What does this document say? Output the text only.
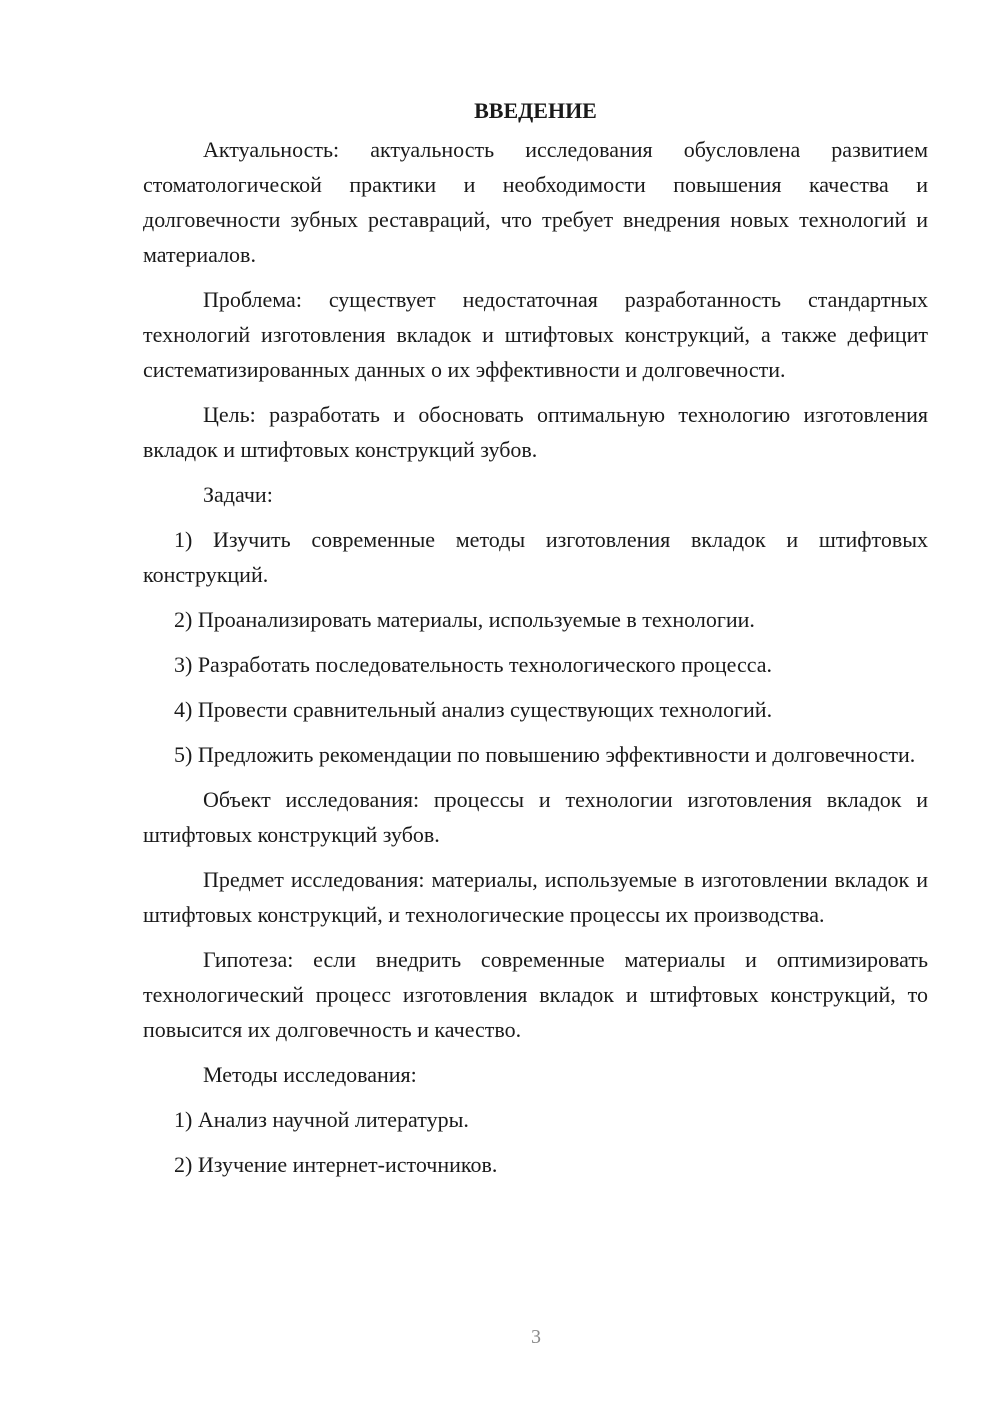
ВВЕДЕНИЕ

Актуальность: актуальность исследования обусловлена развитием стоматологической практики и необходимости повышения качества и долговечности зубных реставраций, что требует внедрения новых технологий и материалов.

Проблема: существует недостаточная разработанность стандартных технологий изготовления вкладок и штифтовых конструкций, а также дефицит систематизированных данных о их эффективности и долговечности.

Цель: разработать и обосновать оптимальную технологию изготовления вкладок и штифтовых конструкций зубов.

Задачи:

1) Изучить современные методы изготовления вкладок и штифтовых конструкций.

2) Проанализировать материалы, используемые в технологии.

3) Разработать последовательность технологического процесса.

4) Провести сравнительный анализ существующих технологий.

5) Предложить рекомендации по повышению эффективности и долговечности.

Объект исследования: процессы и технологии изготовления вкладок и штифтовых конструкций зубов.

Предмет исследования: материалы, используемые в изготовлении вкладок и штифтовых конструкций, и технологические процессы их производства.

Гипотеза: если внедрить современные материалы и оптимизировать технологический процесс изготовления вкладок и штифтовых конструкций, то повысится их долговечность и качество.

Методы исследования:

1) Анализ научной литературы.

2) Изучение интернет-источников.

3
